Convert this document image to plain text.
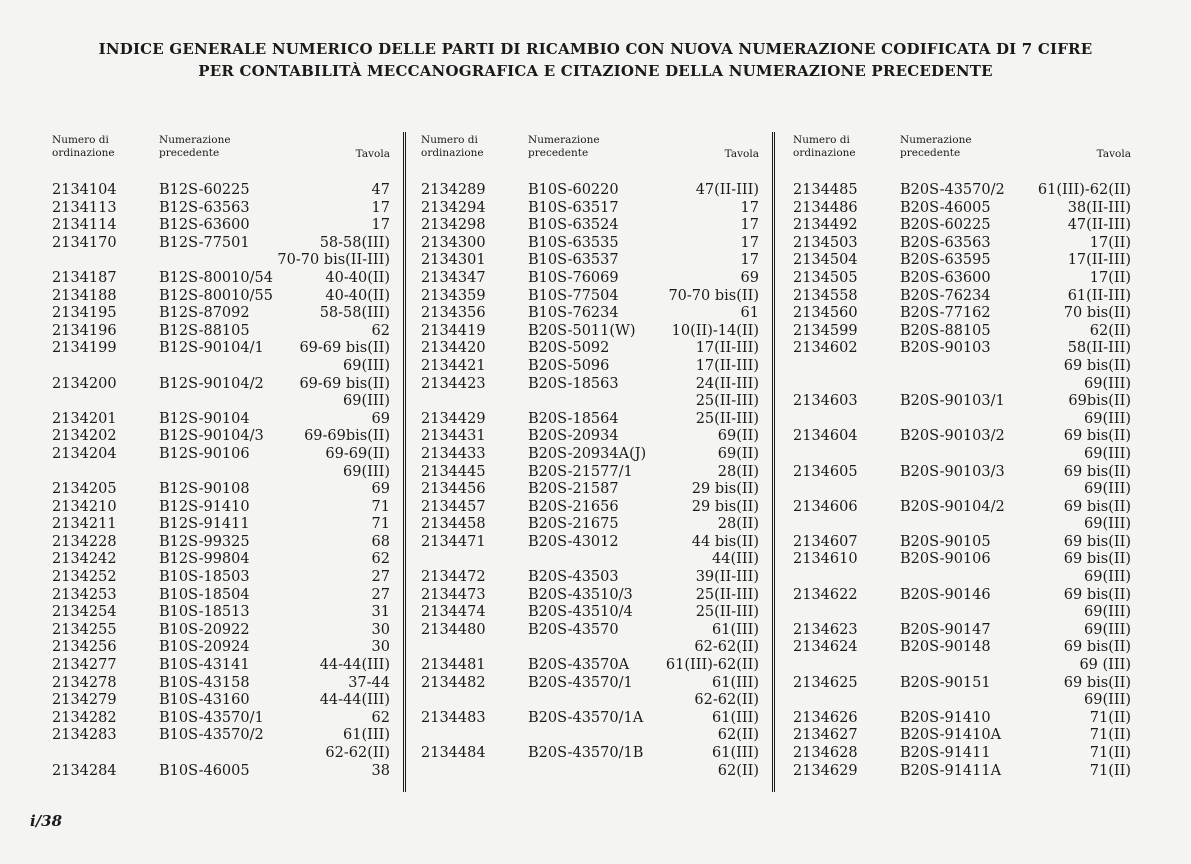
INDICE GENERALE NUMERICO DELLE PARTI DI RICAMBIO CON NUOVA NUMERAZIONE CODIFICATA DI 7 CIFRE
PER CONTABILITÀ MECCANOGRAFICA E CITAZIONE DELLA NUMERAZIONE PRECEDENTE
Numero di
ordinazione
Numerazione
precedente	Tavola
2134104	B12S-60225	47
2134113	B12S-63563	17
2134114	B12S-63600	17
2134170	B12S-77501	58-58(III)
70-70 bis(II-III)
2134187	B12S-80010/54	40-40(II)
2134188	B12S-80010/55	40-40(II)
2134195	B12S-87092	58-58(III)
2134196	B12S-88105	62
2134199	B12S-90104/1 69-69 bis(II)
69(III)
2134200	B12S-90104/2 69-69 bis(II)
69(III)
2134201	B12S-90104	69
2134202	B12S-90104/3	69-69bis(II)
2134204	B12S-90106	69-69(II)
69(III)
2134205	B12S-90108	69
2134210	B12S-91410	71
2134211	B12S-91411	71
2134228	B12S-99325	68
2134242	B12S-99804	62
2134252	B10S-18503	27
2134253	B10S-18504	27
2134254	B10S-18513	31
2134255	B10S-20922	30
2134256	B10S-20924	30
2134277	B10S-43141	44-44(III)
2134278	B10S-43158	37-44
2134279	B10S-43160	44-44(III)
2134282	B10S-43570/1	62
2134283	B10S-43570/2	61(III)
62-62(II)
2134284	B10S-46005	38
Numero di
ordinazione
Numerazione
precedente	Tavola
2134289	B10S-60220	47(II-III)
2134294	B10S-63517	17
2134298	B10S-63524	17
2134300	B10S-63535	17
2134301	B10S-63537	17
2134347	B10S-76069	69
2134359	B10S-77504	70-70 bis(II)
2134356	B10S-76234	61
2134419	B20S-5011(W) 10(II)-14(II)
2134420	B20S-5092	17(II-III)
2134421	B20S-5096	17(II-III)
2134423	B20S-18563	24(II-III)
25(II-III)
2134429	B20S-18564	25(II-III)
2134431	B20S-20934	69(II)
2134433	B20S-20934A(J)	69(II)
2134445	B20S-21577/1	28(II)
2134456	B20S-21587	29 bis(II)
2134457	B20S-21656	29 bis(II)
2134458	B20S-21675	28(II)
2134471	B20S-43012	44 bis(II)
44(III)
2134472	B20S-43503	39(II-III)
2134473	B20S-43510/3	25(II-III)
2134474	B20S-43510/4	25(II-III)
2134480	B20S-43570	61(III)
62-62(II)
2134481	B20S-43570A	61(III)-62(II)
2134482	B20S-43570/1	61(III)
62-62(II)
2134483	B20S-43570/1A	61(III)
62(II)
2134484	B20S-43570/1B	61(III)
62(II)
Numero di
ordinazione
Numerazione
precedente	Tavola
2134485	B20S-43570/2 61(III)-62(II)
2134486	B20S-46005	38(II-III)
2134492	B20S-60225	47(II-III)
2134503	B20S-63563	17(II)
2134504	B20S-63595	17(II-III)
2134505	B20S-63600	17(II)
2134558	B20S-76234	61(II-III)
2134560	B20S-77162	70 bis(II)
2134599	B20S-88105	62(II)
2134602	B20S-90103	58(II-III)
69 bis(II)
69(III)
2134603	B20S-90103/1	69bis(II)
69(III)
2134604	B20S-90103/2	69 bis(II)
69(III)
2134605	B20S-90103/3	69 bis(II)
69(III)
2134606	B20S-90104/2	69 bis(II)
69(III)
2134607	B20S-90105	69 bis(II)
2134610	B20S-90106	69 bis(II)
69(III)
2134622	B20S-90146	69 bis(II)
69(III)
2134623	B20S-90147	69(III)
2134624	B20S-90148	69 bis(II)
69 (III)
2134625	B20S-90151	69 bis(II)
69(III)
2134626	B20S-91410	71(II)
2134627	B20S-91410A	71(II)
2134628	B20S-91411	71(II)
2134629	B20S-91411A	71(II)
i/38
